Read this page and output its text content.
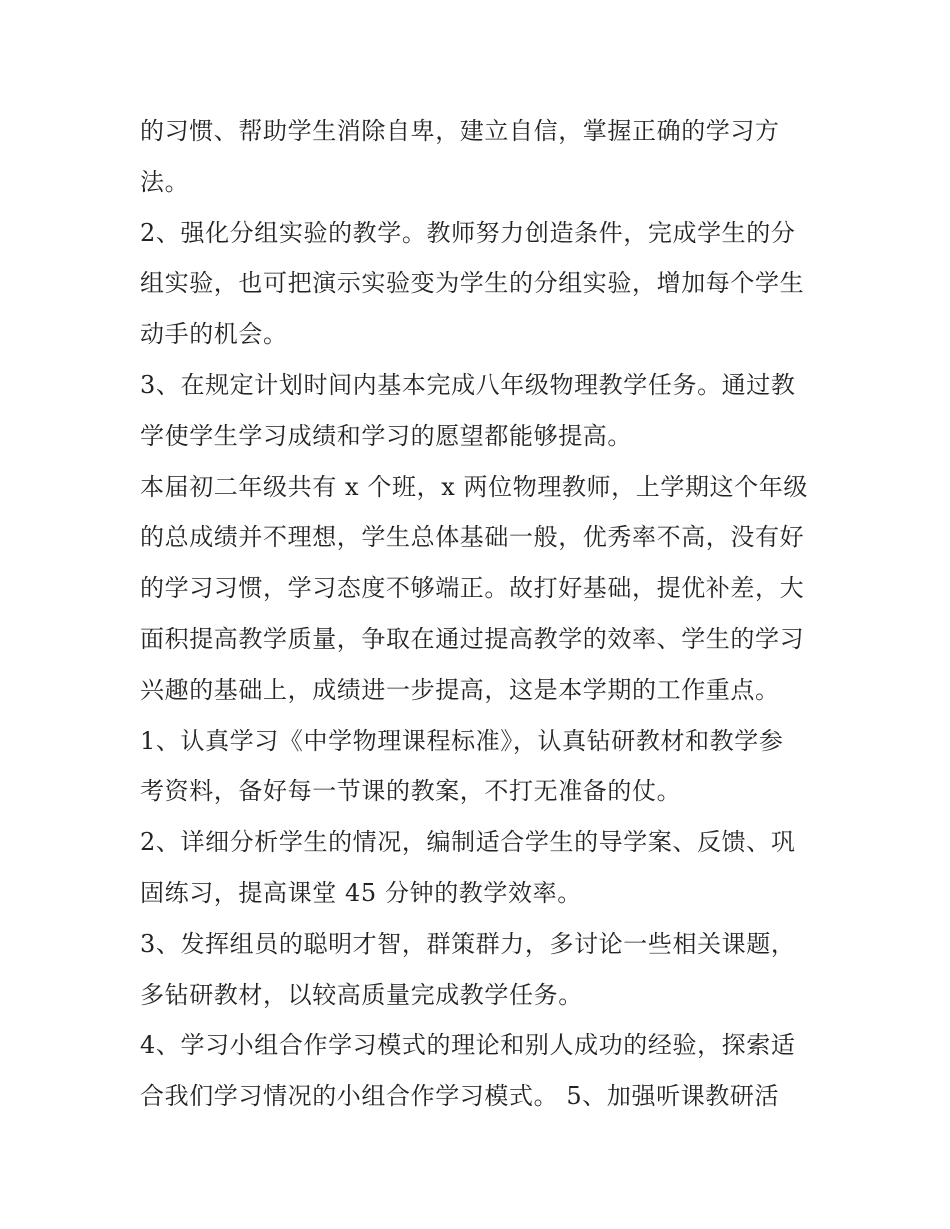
的习惯、帮助学生消除自卑，建立自信，掌握正确的学习方
法。
2、强化分组实验的教学。教师努力创造条件，完成学生的分
组实验，也可把演示实验变为学生的分组实验，增加每个学生
动手的机会。
3、在规定计划时间内基本完成八年级物理教学任务。通过教
学使学生学习成绩和学习的愿望都能够提高。
本届初二年级共有 x 个班，x 两位物理教师，上学期这个年级
的总成绩并不理想，学生总体基础一般，优秀率不高，没有好
的学习习惯，学习态度不够端正。故打好基础，提优补差，大
面积提高教学质量，争取在通过提高教学的效率、学生的学习
兴趣的基础上，成绩进一步提高，这是本学期的工作重点。
1、认真学习《中学物理课程标准》，认真钻研教材和教学参
考资料，备好每一节课的教案，不打无准备的仗。
2、详细分析学生的情况，编制适合学生的导学案、反馈、巩
固练习，提高课堂 45 分钟的教学效率。
3、发挥组员的聪明才智，群策群力，多讨论一些相关课题，
多钻研教材，以较高质量完成教学任务。
4、学习小组合作学习模式的理论和别人成功的经验，探索适
合我们学习情况的小组合作学习模式。 5、加强听课教研活
